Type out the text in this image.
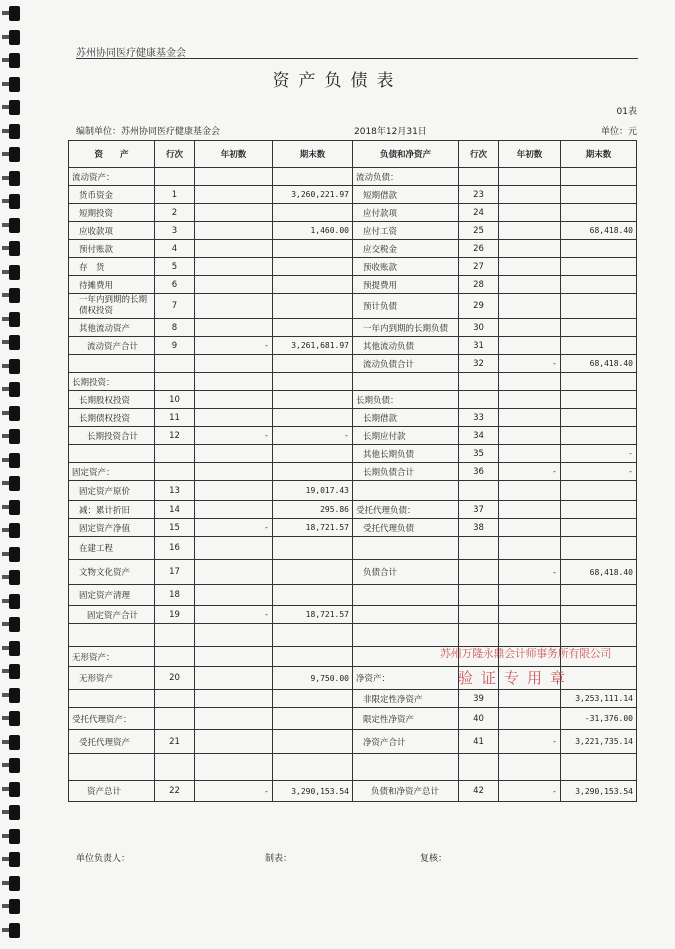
苏州协同医疗健康基金会
资产负债表
01表
编制单位：苏州协同医疗健康基金会	2018年12月31日	单位：元
资　　产	行次	年初数	期末数	负债和净资产	行次	年初数	期末数
流动资产：				流动负债：			
货币资金	1		3,260,221.97	短期借款	23		
短期投资	2			应付款项	24		
应收款项	3		1,460.00	应付工资	25		68,418.40
预付账款	4			应交税金	26		
存　货	5			预收账款	27		
待摊费用	6			预提费用	28		
一年内到期的长期债权投资	7			预计负债	29		
其他流动资产	8			一年内到期的长期负债	30		
流动资产合计	9	-	3,261,681.97	其他流动负债	31		
				流动负债合计	32	-	68,418.40
长期投资：							
长期股权投资	10			长期负债：			
长期债权投资	11			长期借款	33		
长期投资合计	12	-	-	长期应付款	34		
				其他长期负债	35		-
固定资产：				长期负债合计	36	-	-
固定资产原价	13		19,017.43				
减：累计折旧	14		295.86	受托代理负债：	37		
固定资产净值	15	-	18,721.57	受托代理负债	38		
在建工程	16						
文物文化资产	17			负债合计		-	68,418.40
固定资产清理	18						
固定资产合计	19	-	18,721.57				

无形资产：							
无形资产	20		9,750.00	净资产：			
				非限定性净资产	39		3,253,111.14
受托代理资产：				限定性净资产	40		-31,376.00
受托代理资产	21			净资产合计	41	-	3,221,735.14

资产总计	22	-	3,290,153.54	负债和净资产总计	42	-	3,290,153.54
单位负责人：	制表：	复核：
苏州万隆永鼎会计师事务所有限公司
验证专用章
